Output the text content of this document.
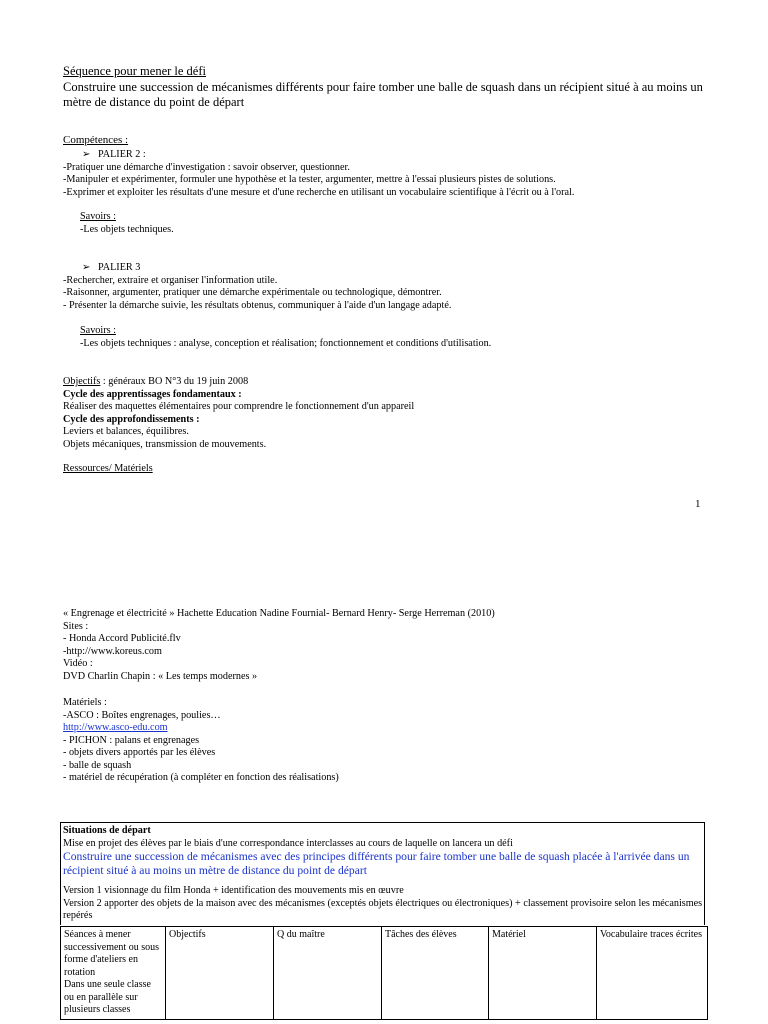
Séquence pour mener le défi
Construire une succession de mécanismes différents pour faire tomber une balle de squash dans un récipient situé à au moins un mètre de distance du point de départ
Compétences :
➢ PALIER 2 :
-Pratiquer une démarche d'investigation : savoir observer, questionner.
-Manipuler et expérimenter, formuler une hypothèse et la tester, argumenter, mettre à l'essai plusieurs pistes de solutions.
-Exprimer et exploiter les résultats d'une mesure et d'une recherche en utilisant un vocabulaire scientifique à l'écrit ou à l'oral.
Savoirs :
-Les objets techniques.
➢ PALIER 3
-Rechercher, extraire et organiser l'information utile.
-Raisonner, argumenter, pratiquer une démarche expérimentale ou technologique, démontrer.
- Présenter la démarche suivie, les résultats obtenus, communiquer à l'aide d'un langage adapté.
Savoirs :
-Les objets techniques : analyse, conception et réalisation; fonctionnement et conditions d'utilisation.
Objectifs : généraux BO N°3 du 19 juin 2008
Cycle des apprentissages fondamentaux :
Réaliser des maquettes élémentaires pour comprendre le fonctionnement d'un appareil
Cycle des approfondissements :
Leviers et balances, équilibres.
Objets mécaniques, transmission de mouvements.
Ressources/ Matériels
1
« Engrenage et électricité » Hachette Education Nadine Fournial- Bernard Henry- Serge Herreman (2010)
Sites :
- Honda Accord Publicité.flv
-http://www.koreus.com
Vidéo :
DVD Charlin Chapin : « Les temps modernes »
Matériels :
-ASCO : Boîtes engrenages, poulies…
http://www.asco-edu.com
- PICHON : palans et engrenages
- objets divers apportés par les élèves
- balle de squash
- matériel de récupération (à compléter en fonction des réalisations)
Situations de départ
Mise en projet des élèves par le biais d'une correspondance interclasses au cours de laquelle on lancera un défi
Construire une succession de mécanismes avec des principes différents pour faire tomber une balle de squash placée à l'arrivée dans un récipient situé à au moins un mètre de distance du point de départ
Version 1 visionnage du film Honda + identification des mouvements mis en œuvre
Version 2 apporter des objets de la maison avec des mécanismes (exceptés objets électriques ou électroniques) + classement provisoire selon les mécanismes repérés
Séances à mener successivement ou sous forme d'ateliers en rotation
Dans une seule classe ou en parallèle sur plusieurs classes	Objectifs	Q du maître	Tâches des élèves	Matériel	Vocabulaire traces écrites
